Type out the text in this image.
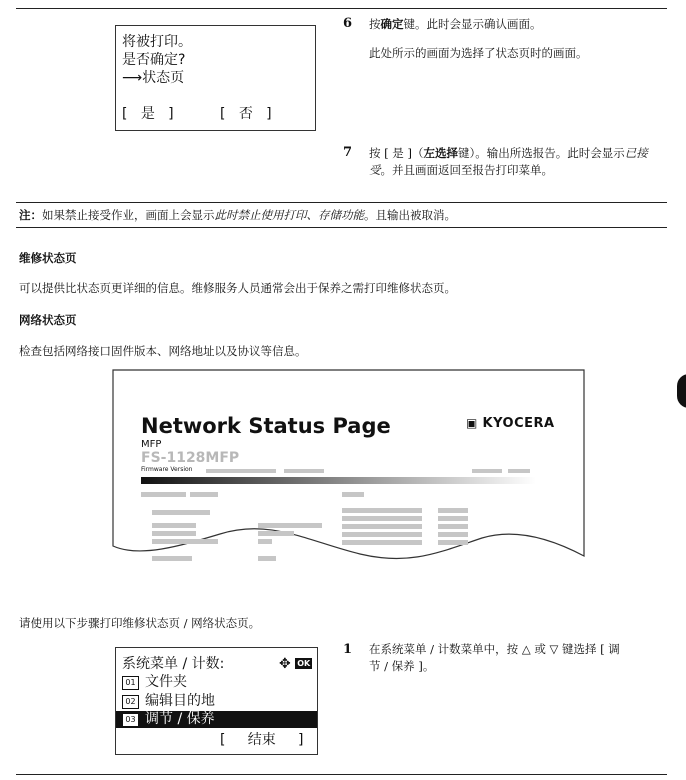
将被打印。
是否确定?
⟶状态页
[   是   ]	[   否   ]
6 按确定键。此时会显示确认画面。
此处所示的画面为选择了状态页时的画面。
7 按 [ 是 ]（左选择键）。输出所选报告。此时会显示已接受。并且画面返回至报告打印菜单。
注：如果禁止接受作业，画面上会显示此时禁止使用打印、存储功能。且输出被取消。
维修状态页
可以提供比状态页更详细的信息。维修服务人员通常会出于保养之需打印维修状态页。
网络状态页
检查包括网络接口固件版本、网络地址以及协议等信息。
Network Status Page	▣ KYOCERA
MFP
FS-1128MFP
Firmware Version
请使用以下步骤打印维修状态页 / 网络状态页。
系统菜单 / 计数:	✥ OK
01 文件夹
02 编辑目的地
03 调节 / 保养
[     结束     ]
1 在系统菜单 / 计数菜单中，按 △ 或 ▽ 键选择 [ 调
节 / 保养 ]。
